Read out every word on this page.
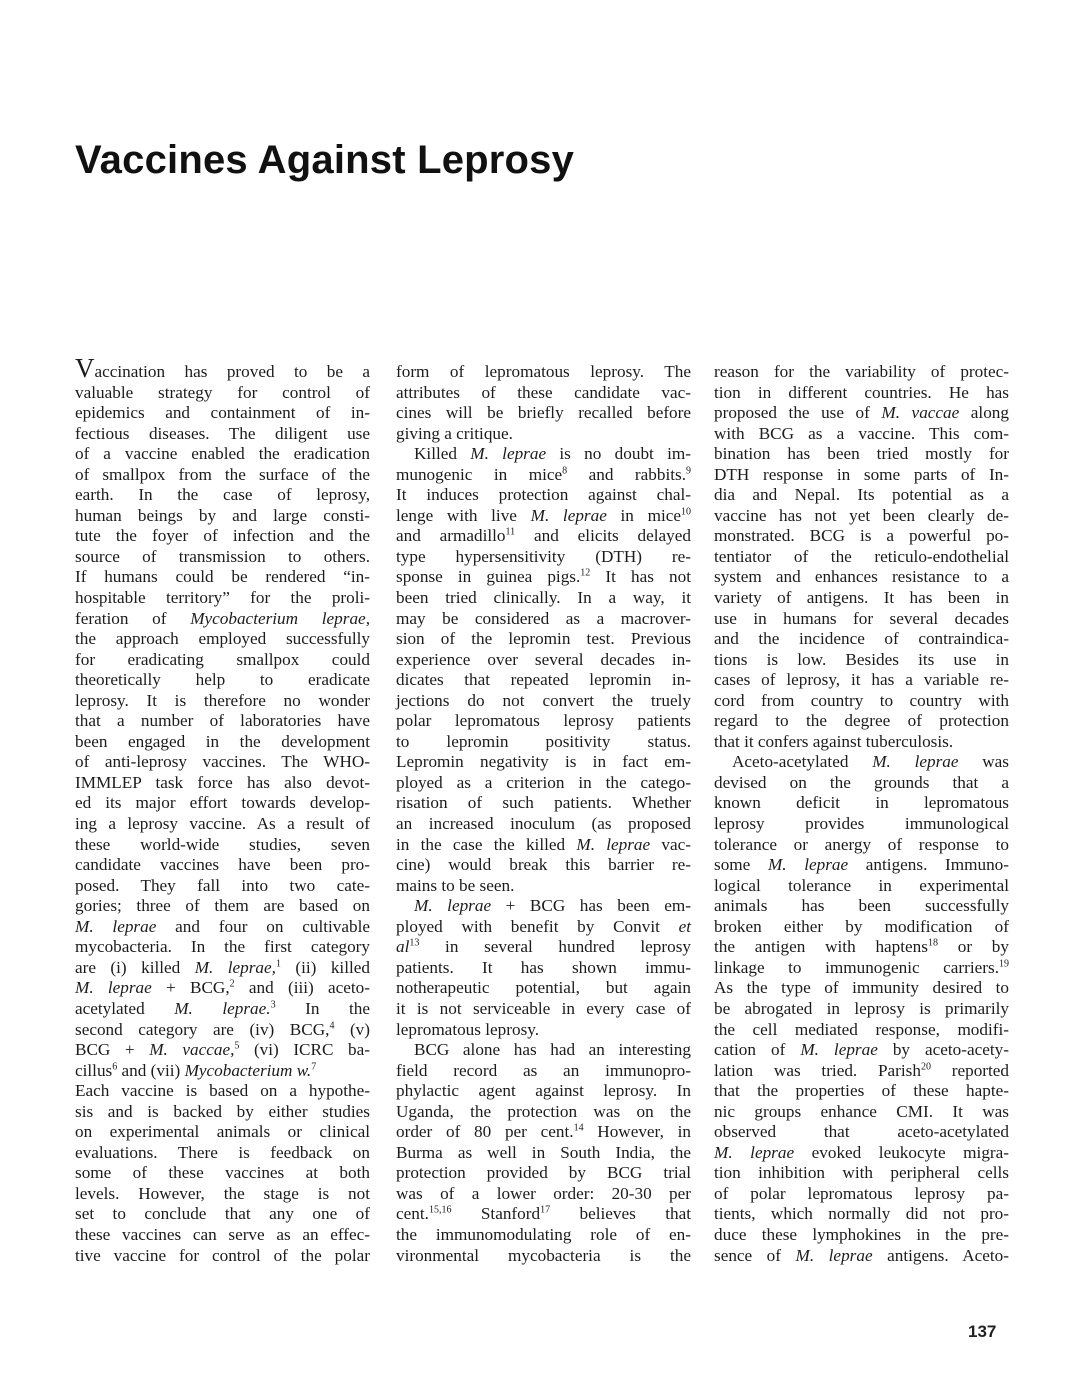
Vaccines Against Leprosy
Vaccination has proved to be a
valuable strategy for control of
epidemics and containment of in-
fectious diseases. The diligent use
of a vaccine enabled the eradication
of smallpox from the surface of the
earth. In the case of leprosy,
human beings by and large consti-
tute the foyer of infection and the
source of transmission to others.
If humans could be rendered “in-
hospitable territory” for the proli-
feration of Mycobacterium leprae,
the approach employed successfully
for eradicating smallpox could
theoretically help to eradicate
leprosy. It is therefore no wonder
that a number of laboratories have
been engaged in the development
of anti-leprosy vaccines. The WHO-
IMMLEP task force has also devot-
ed its major effort towards develop-
ing a leprosy vaccine. As a result of
these world-wide studies, seven
candidate vaccines have been pro-
posed. They fall into two cate-
gories; three of them are based on
M. leprae and four on cultivable
mycobacteria. In the first category
are (i) killed M. leprae,$^1$ (ii) killed
M. leprae + BCG,$^2$ and (iii) aceto-
acetylated M. leprae.$^3$ In the
second category are (iv) BCG,$^4$ (v)
BCG + M. vaccae,$^5$ (vi) ICRC ba-
cillus$^6$ and (vii) Mycobacterium w.$^7$
Each vaccine is based on a hypothe-
sis and is backed by either studies
on experimental animals or clinical
evaluations. There is feedback on
some of these vaccines at both
levels. However, the stage is not
set to conclude that any one of
these vaccines can serve as an effec-
tive vaccine for control of the polar
form of lepromatous leprosy. The
attributes of these candidate vac-
cines will be briefly recalled before
giving a critique.
Killed M. leprae is no doubt im-
munogenic in mice$^8$ and rabbits.$^9$
It induces protection against chal-
lenge with live M. leprae in mice$^{10}$
and armadillo$^{11}$ and elicits delayed
type hypersensitivity (DTH) re-
sponse in guinea pigs.$^{12}$ It has not
been tried clinically. In a way, it
may be considered as a macrover-
sion of the lepromin test. Previous
experience over several decades in-
dicates that repeated lepromin in-
jections do not convert the truely
polar lepromatous leprosy patients
to lepromin positivity status.
Lepromin negativity is in fact em-
ployed as a criterion in the catego-
risation of such patients. Whether
an increased inoculum (as proposed
in the case the killed M. leprae vac-
cine) would break this barrier re-
mains to be seen.
M. leprae + BCG has been em-
ployed with benefit by Convit et
$al^{13}$ in several hundred leprosy
patients. It has shown immu-
notherapeutic potential, but again
it is not serviceable in every case of
lepromatous leprosy.
BCG alone has had an interesting
field record as an immunopro-
phylactic agent against leprosy. In
Uganda, the protection was on the
order of 80 per cent.$^{14}$ However, in
Burma as well in South India, the
protection provided by BCG trial
was of a lower order: 20-30 per
cent.$^{15,16}$ Stanford$^{17}$ believes that
the immunomodulating role of en-
vironmental mycobacteria is the
reason for the variability of protec-
tion in different countries. He has
proposed the use of M. vaccae along
with BCG as a vaccine. This com-
bination has been tried mostly for
DTH response in some parts of In-
dia and Nepal. Its potential as a
vaccine has not yet been clearly de-
monstrated. BCG is a powerful po-
tentiator of the reticulo-endothelial
system and enhances resistance to a
variety of antigens. It has been in
use in humans for several decades
and the incidence of contraindica-
tions is low. Besides its use in
cases of leprosy, it has a variable re-
cord from country to country with
regard to the degree of protection
that it confers against tuberculosis.
Aceto-acetylated M. leprae was
devised on the grounds that a
known deficit in lepromatous
leprosy provides immunological
tolerance or anergy of response to
some M. leprae antigens. Immuno-
logical tolerance in experimental
animals has been successfully
broken either by modification of
the antigen with haptens$^{18}$ or by
linkage to immunogenic carriers.$^{19}$
As the type of immunity desired to
be abrogated in leprosy is primarily
the cell mediated response, modifi-
cation of M. leprae by aceto-acety-
lation was tried. Parish$^{20}$ reported
that the properties of these hapte-
nic groups enhance CMI. It was
observed that aceto-acetylated
M. leprae evoked leukocyte migra-
tion inhibition with peripheral cells
of polar lepromatous leprosy pa-
tients, which normally did not pro-
duce these lymphokines in the pre-
sence of M. leprae antigens. Aceto-
137
